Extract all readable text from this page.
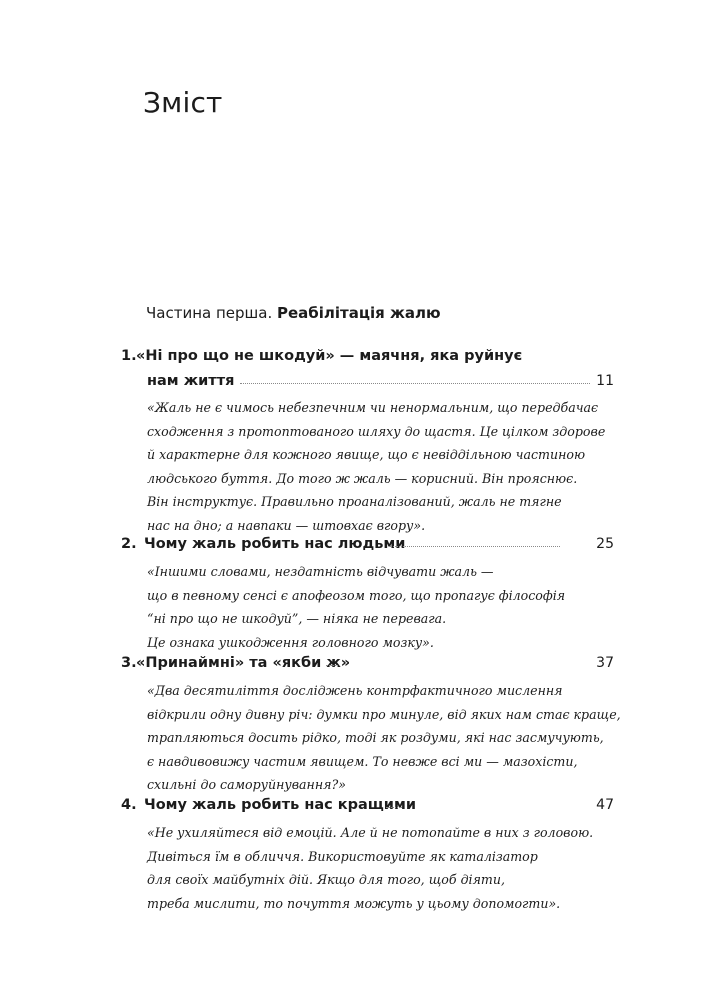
Зміст

Частина перша. Реабілітація жалю

1. «Ні про що не шкодуй» — маячня, яка руйнує
нам життя	11
«Жаль не є чимось небезпечним чи ненормальним, що передбачає
сходження з протоптованого шляху до щастя. Це цілком здорове
й характерне для кожного явище, що є невіддільною частиною
людського буття. До того ж жаль — корисний. Він прояснює.
Він інструктує. Правильно проаналізований, жаль не тягне
нас на дно; а навпаки — штовхає вгору».
2. Чому жаль робить нас людьми	25
«Іншими словами, нездатність відчувати жаль —
що в певному сенсі є апофеозом того, що пропагує філософія
“ні про що не шкодуй”, — ніяка не перевага.
Це ознака ушкодження головного мозку».
3. «Принаймні» та «якби ж»	37
«Два десятиліття досліджень контрфактичного мислення
відкрили одну дивну річ: думки про минуле, від яких нам стає краще,
трапляються досить рідко, тоді як роздуми, які нас засмучують,
є навдивовижу частим явищем. То невже всі ми — мазохісти,
схильні до саморуйнування?»
4. Чому жаль робить нас кращими	47
«Не ухиляйтеся від емоцій. Але й не потопайте в них з головою.
Дивіться їм в обличчя. Використовуйте як каталізатор
для своїх майбутніх дій. Якщо для того, щоб діяти,
треба мислити, то почуття можуть у цьому допомогти».
